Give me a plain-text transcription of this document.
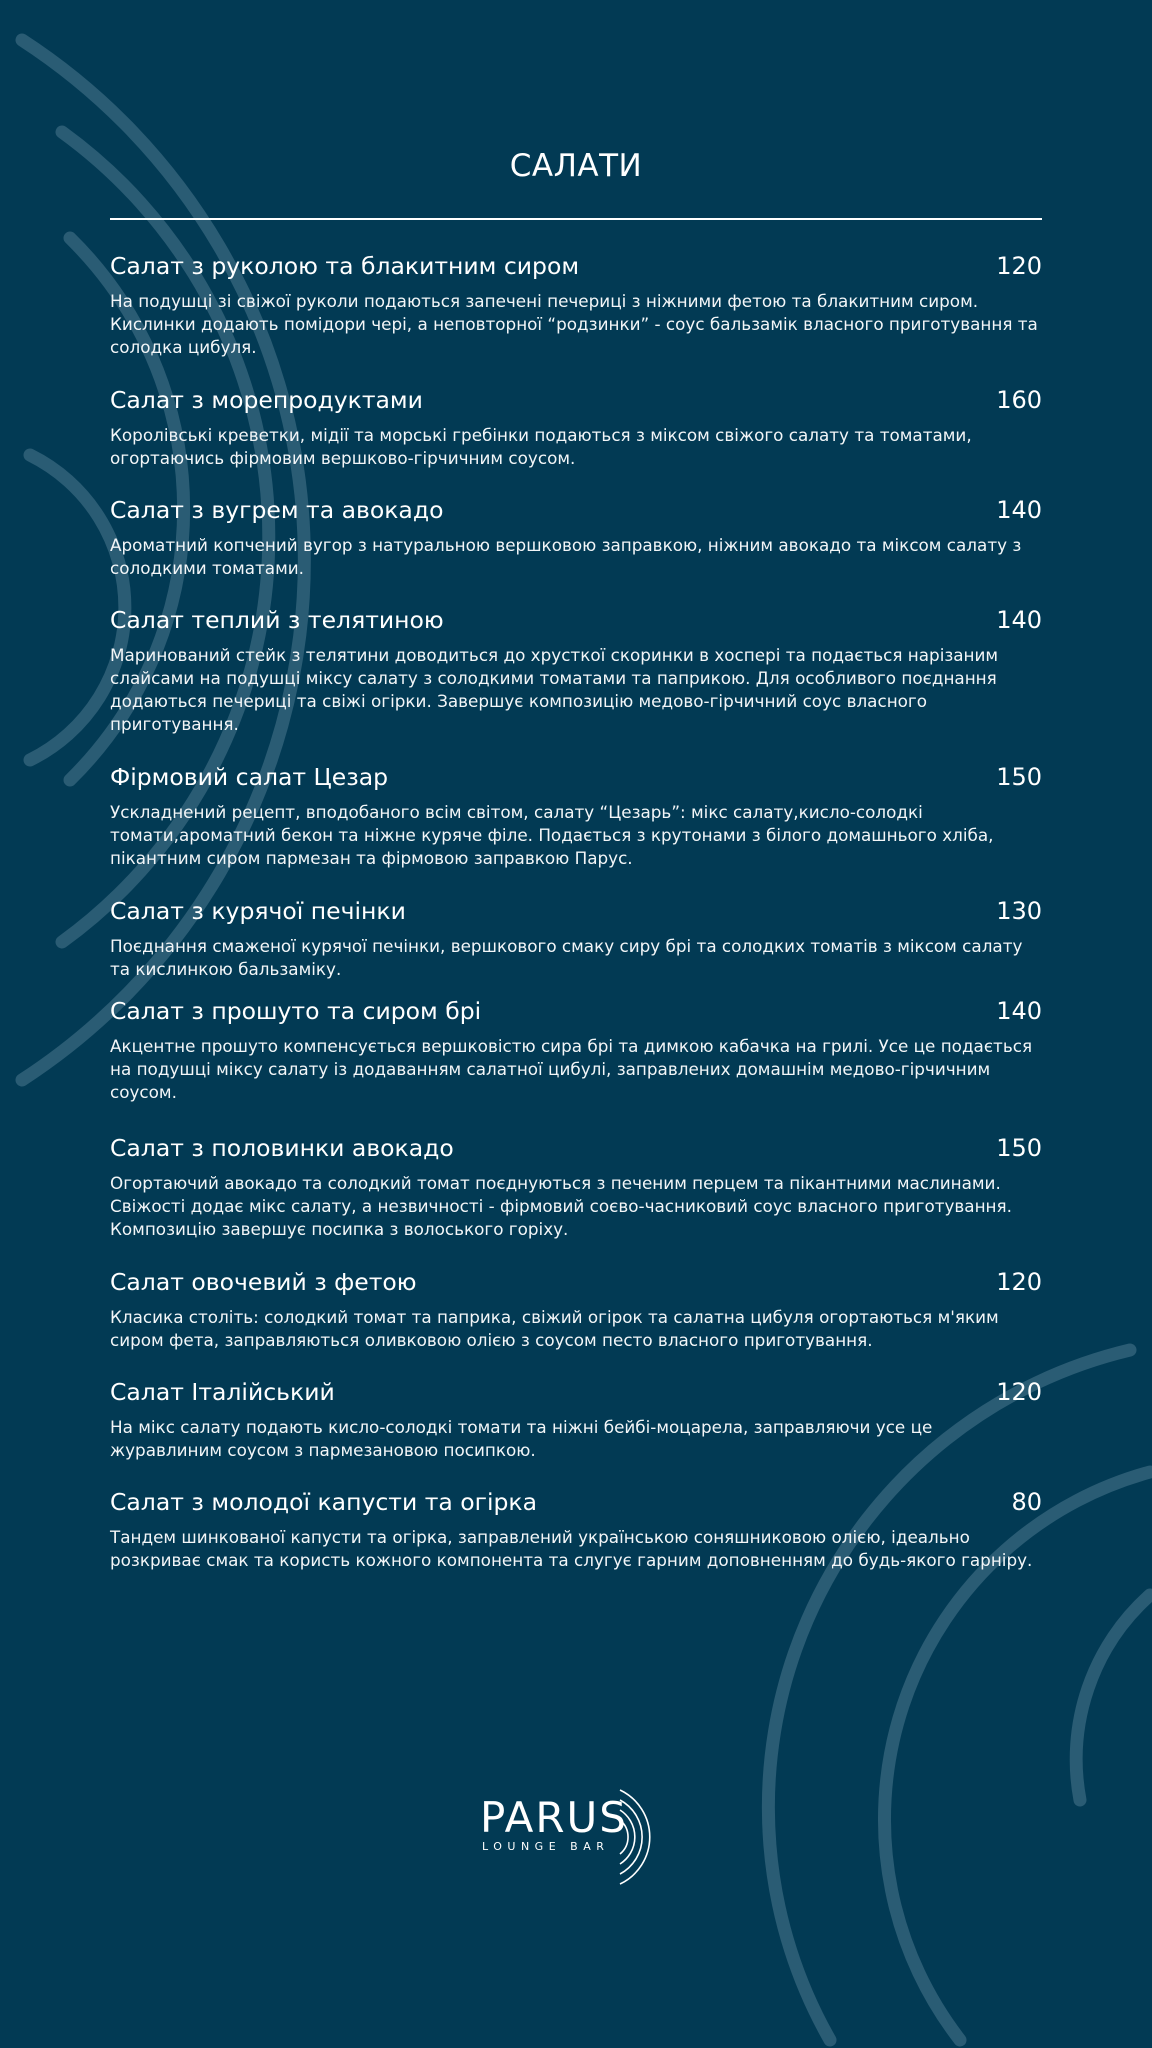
САЛАТИ
Салат з руколою та блакитним сиром	120
На подушці зі свіжої руколи подаються запечені печериці з ніжними фетою та блакитним сиром. Кислинки додають помідори чері, а неповторної “родзинки” - соус бальзамік власного приготування та солодка цибуля.
Салат з морепродуктами	160
Королівські креветки, мідії та морські гребінки подаються з міксом свіжого салату та томатами, огортаючись фірмовим вершково-гірчичним соусом.
Салат з вугрем та авокадо	140
Ароматний копчений вугор з натуральною вершковою заправкою, ніжним авокадо та міксом салату з солодкими томатами.
Салат теплий з телятиною	140
Маринований стейк з телятини доводиться до хрусткої скоринки в хоспері та подається нарізаним слайсами на подушці міксу салату з солодкими томатами та паприкою. Для особливого поєднання додаються печериці та свіжі огірки. Завершує композицію медово-гірчичний соус власного приготування.
Фірмовий салат Цезар	150
Ускладнений рецепт, вподобаного всім світом, салату “Цезарь”: мікс салату,кисло-солодкі томати,ароматний бекон та ніжне куряче філе. Подається з крутонами з білого домашнього хліба, пікантним сиром пармезан та фірмовою заправкою Парус.
Салат з курячої печінки	130
Поєднання смаженої курячої печінки, вершкового смаку сиру брі та солодких томатів з міксом салату та кислинкою бальзаміку.
Салат з прошуто та сиром брі	140
Акцентне прошуто компенсується вершковістю сира брі та димкою кабачка на грилі. Усе це подається на подушці міксу салату із додаванням салатної цибулі, заправлених домашнім медово-гірчичним соусом.
Салат з половинки авокадо	150
Огортаючий авокадо та солодкий томат поєднуються з печеним перцем та пікантними маслинами. Свіжості додає мікс салату, а незвичності - фірмовий соєво-часниковий соус власного приготування. Композицію завершує посипка з волоського горіху.
Салат овочевий з фетою	120
Класика століть: солодкий томат та паприка, свіжий огірок та салатна цибуля огортаються м'яким сиром фета, заправляються оливковою олією з соусом песто власного приготування.
Салат Італійський	120
На мікс салату подають кисло-солодкі томати та ніжні бейбі-моцарела, заправляючи усе це журавлиним соусом з пармезановою посипкою.
Салат з молодої капусти та огірка	80
Тандем шинкованої капусти та огірка, заправлений українською соняшниковою олією, ідеально розкриває смак та користь кожного компонента та слугує гарним доповненням до будь-якого гарніру.
PARUS
LOUNGE BAR
